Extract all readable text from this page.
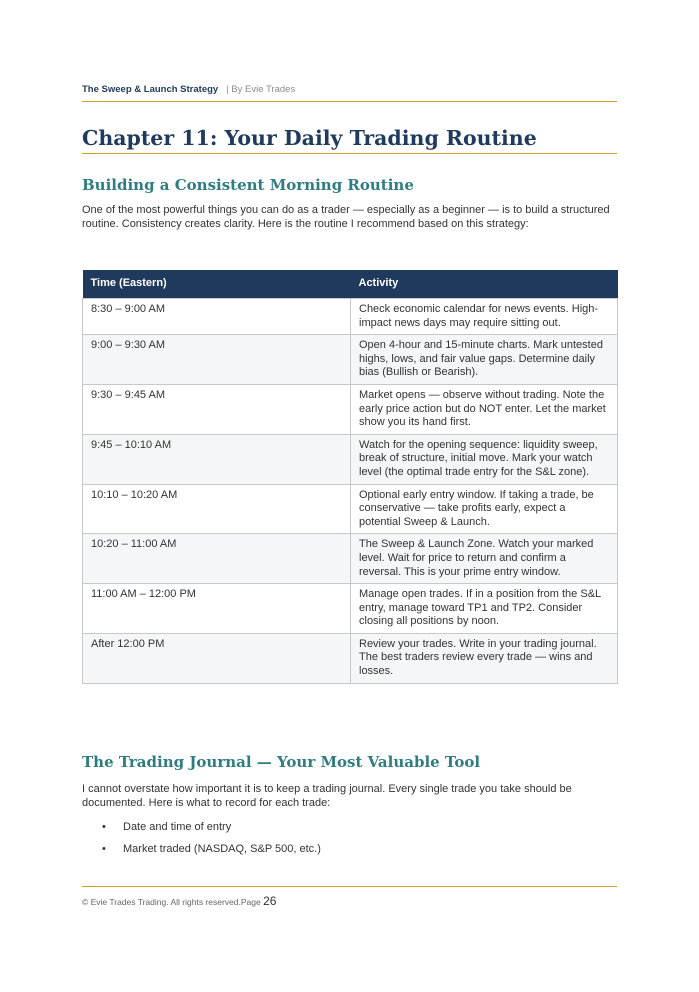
The Sweep & Launch Strategy | By Evie Trades
Chapter 11: Your Daily Trading Routine
Building a Consistent Morning Routine

One of the most powerful things you can do as a trader — especially as a beginner — is to build a structured routine. Consistency creates clarity. Here is the routine I recommend based on this strategy:

Time (Eastern)	Activity
8:30 – 9:00 AM	Check economic calendar for news events. High-impact news days may require sitting out.
9:00 – 9:30 AM	Open 4-hour and 15-minute charts. Mark untested highs, lows, and fair value gaps. Determine daily bias (Bullish or Bearish).
9:30 – 9:45 AM	Market opens — observe without trading. Note the early price action but do NOT enter. Let the market show you its hand first.
9:45 – 10:10 AM	Watch for the opening sequence: liquidity sweep, break of structure, initial move. Mark your watch level (the optimal trade entry for the S&L zone).
10:10 – 10:20 AM	Optional early entry window. If taking a trade, be conservative — take profits early, expect a potential Sweep & Launch.
10:20 – 11:00 AM	The Sweep & Launch Zone. Watch your marked level. Wait for price to return and confirm a reversal. This is your prime entry window.
11:00 AM – 12:00 PM	Manage open trades. If in a position from the S&L entry, manage toward TP1 and TP2. Consider closing all positions by noon.
After 12:00 PM	Review your trades. Write in your trading journal. The best traders review every trade — wins and losses.
The Trading Journal — Your Most Valuable Tool

I cannot overstate how important it is to keep a trading journal. Every single trade you take should be documented. Here is what to record for each trade:

• Date and time of entry
• Market traded (NASDAQ, S&P 500, etc.)
© Evie Trades Trading. All rights reserved.Page 26
